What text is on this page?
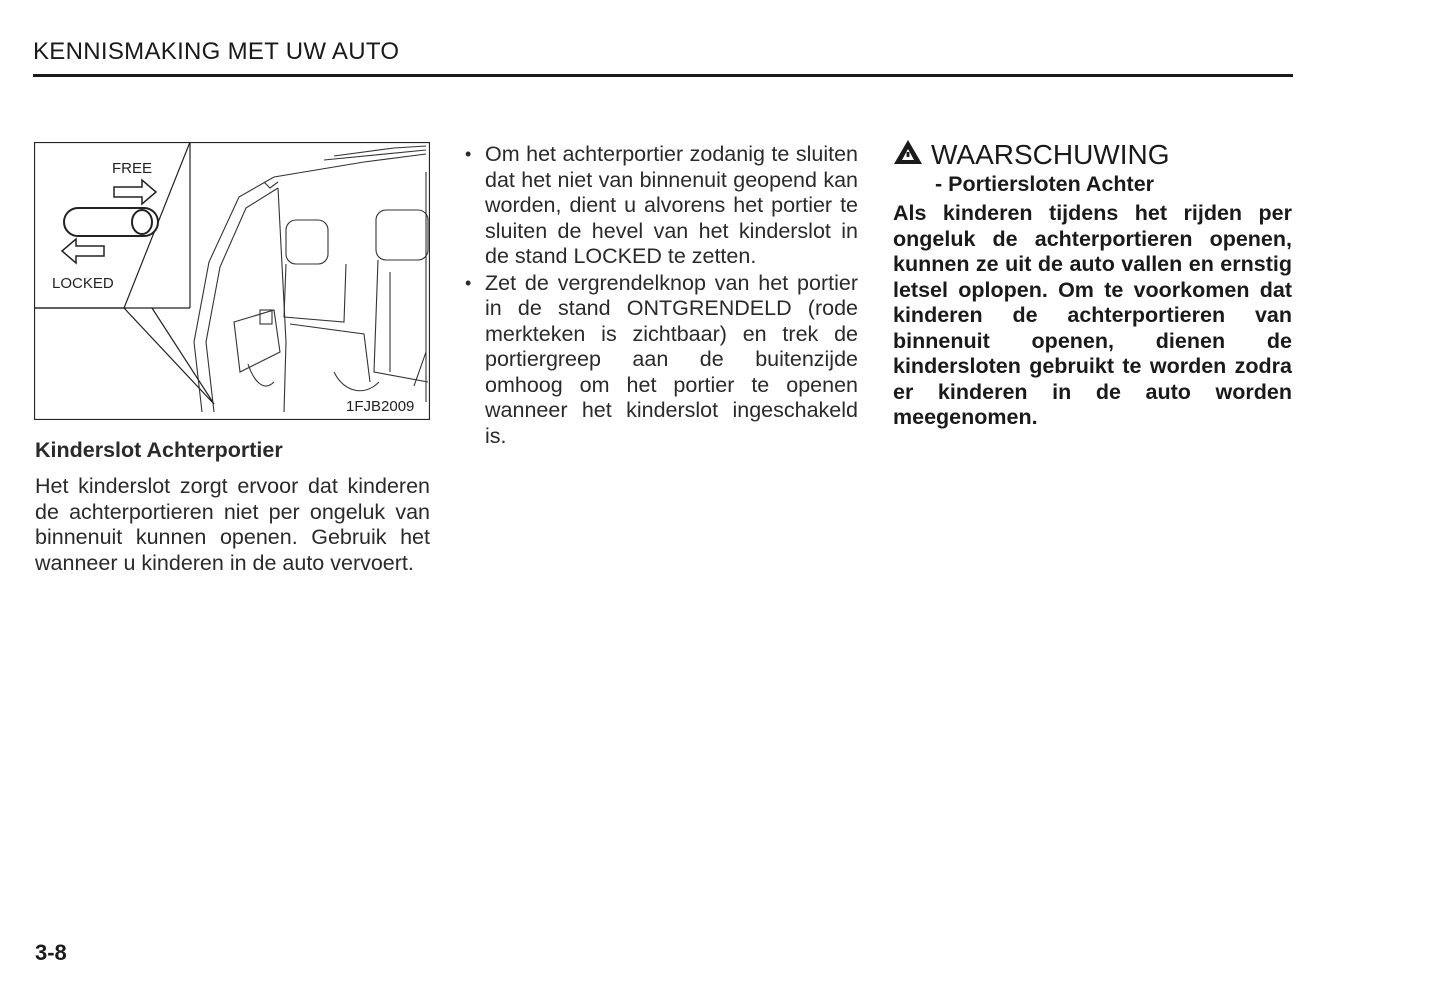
KENNISMAKING MET UW AUTO
FREE
LOCKED
1FJB2009
Kinderslot Achterportier

Het kinderslot zorgt ervoor dat kinderen de achterportieren niet per ongeluk van binnenuit kunnen openen. Gebruik het wanneer u kinderen in de auto vervoert.

• Om het achterportier zodanig te sluiten dat het niet van binnenuit geopend kan worden, dient u alvorens het portier te sluiten de hevel van het kinderslot in de stand LOCKED te zetten.
• Zet de vergrendelknop van het portier in de stand ONTGRENDELD (rode merkteken is zichtbaar) en trek de portiergreep aan de buitenzijde omhoog om het portier te openen wanneer het kinderslot ingeschakeld is.
WAARSCHUWING
- Portiersloten Achter

Als kinderen tijdens het rijden per ongeluk de achterportieren openen, kunnen ze uit de auto vallen en ernstig letsel oplopen. Om te voorkomen dat kinderen de achterportieren van binnenuit openen, dienen de kindersloten gebruikt te worden zodra er kinderen in de auto worden meegenomen.

3-8
